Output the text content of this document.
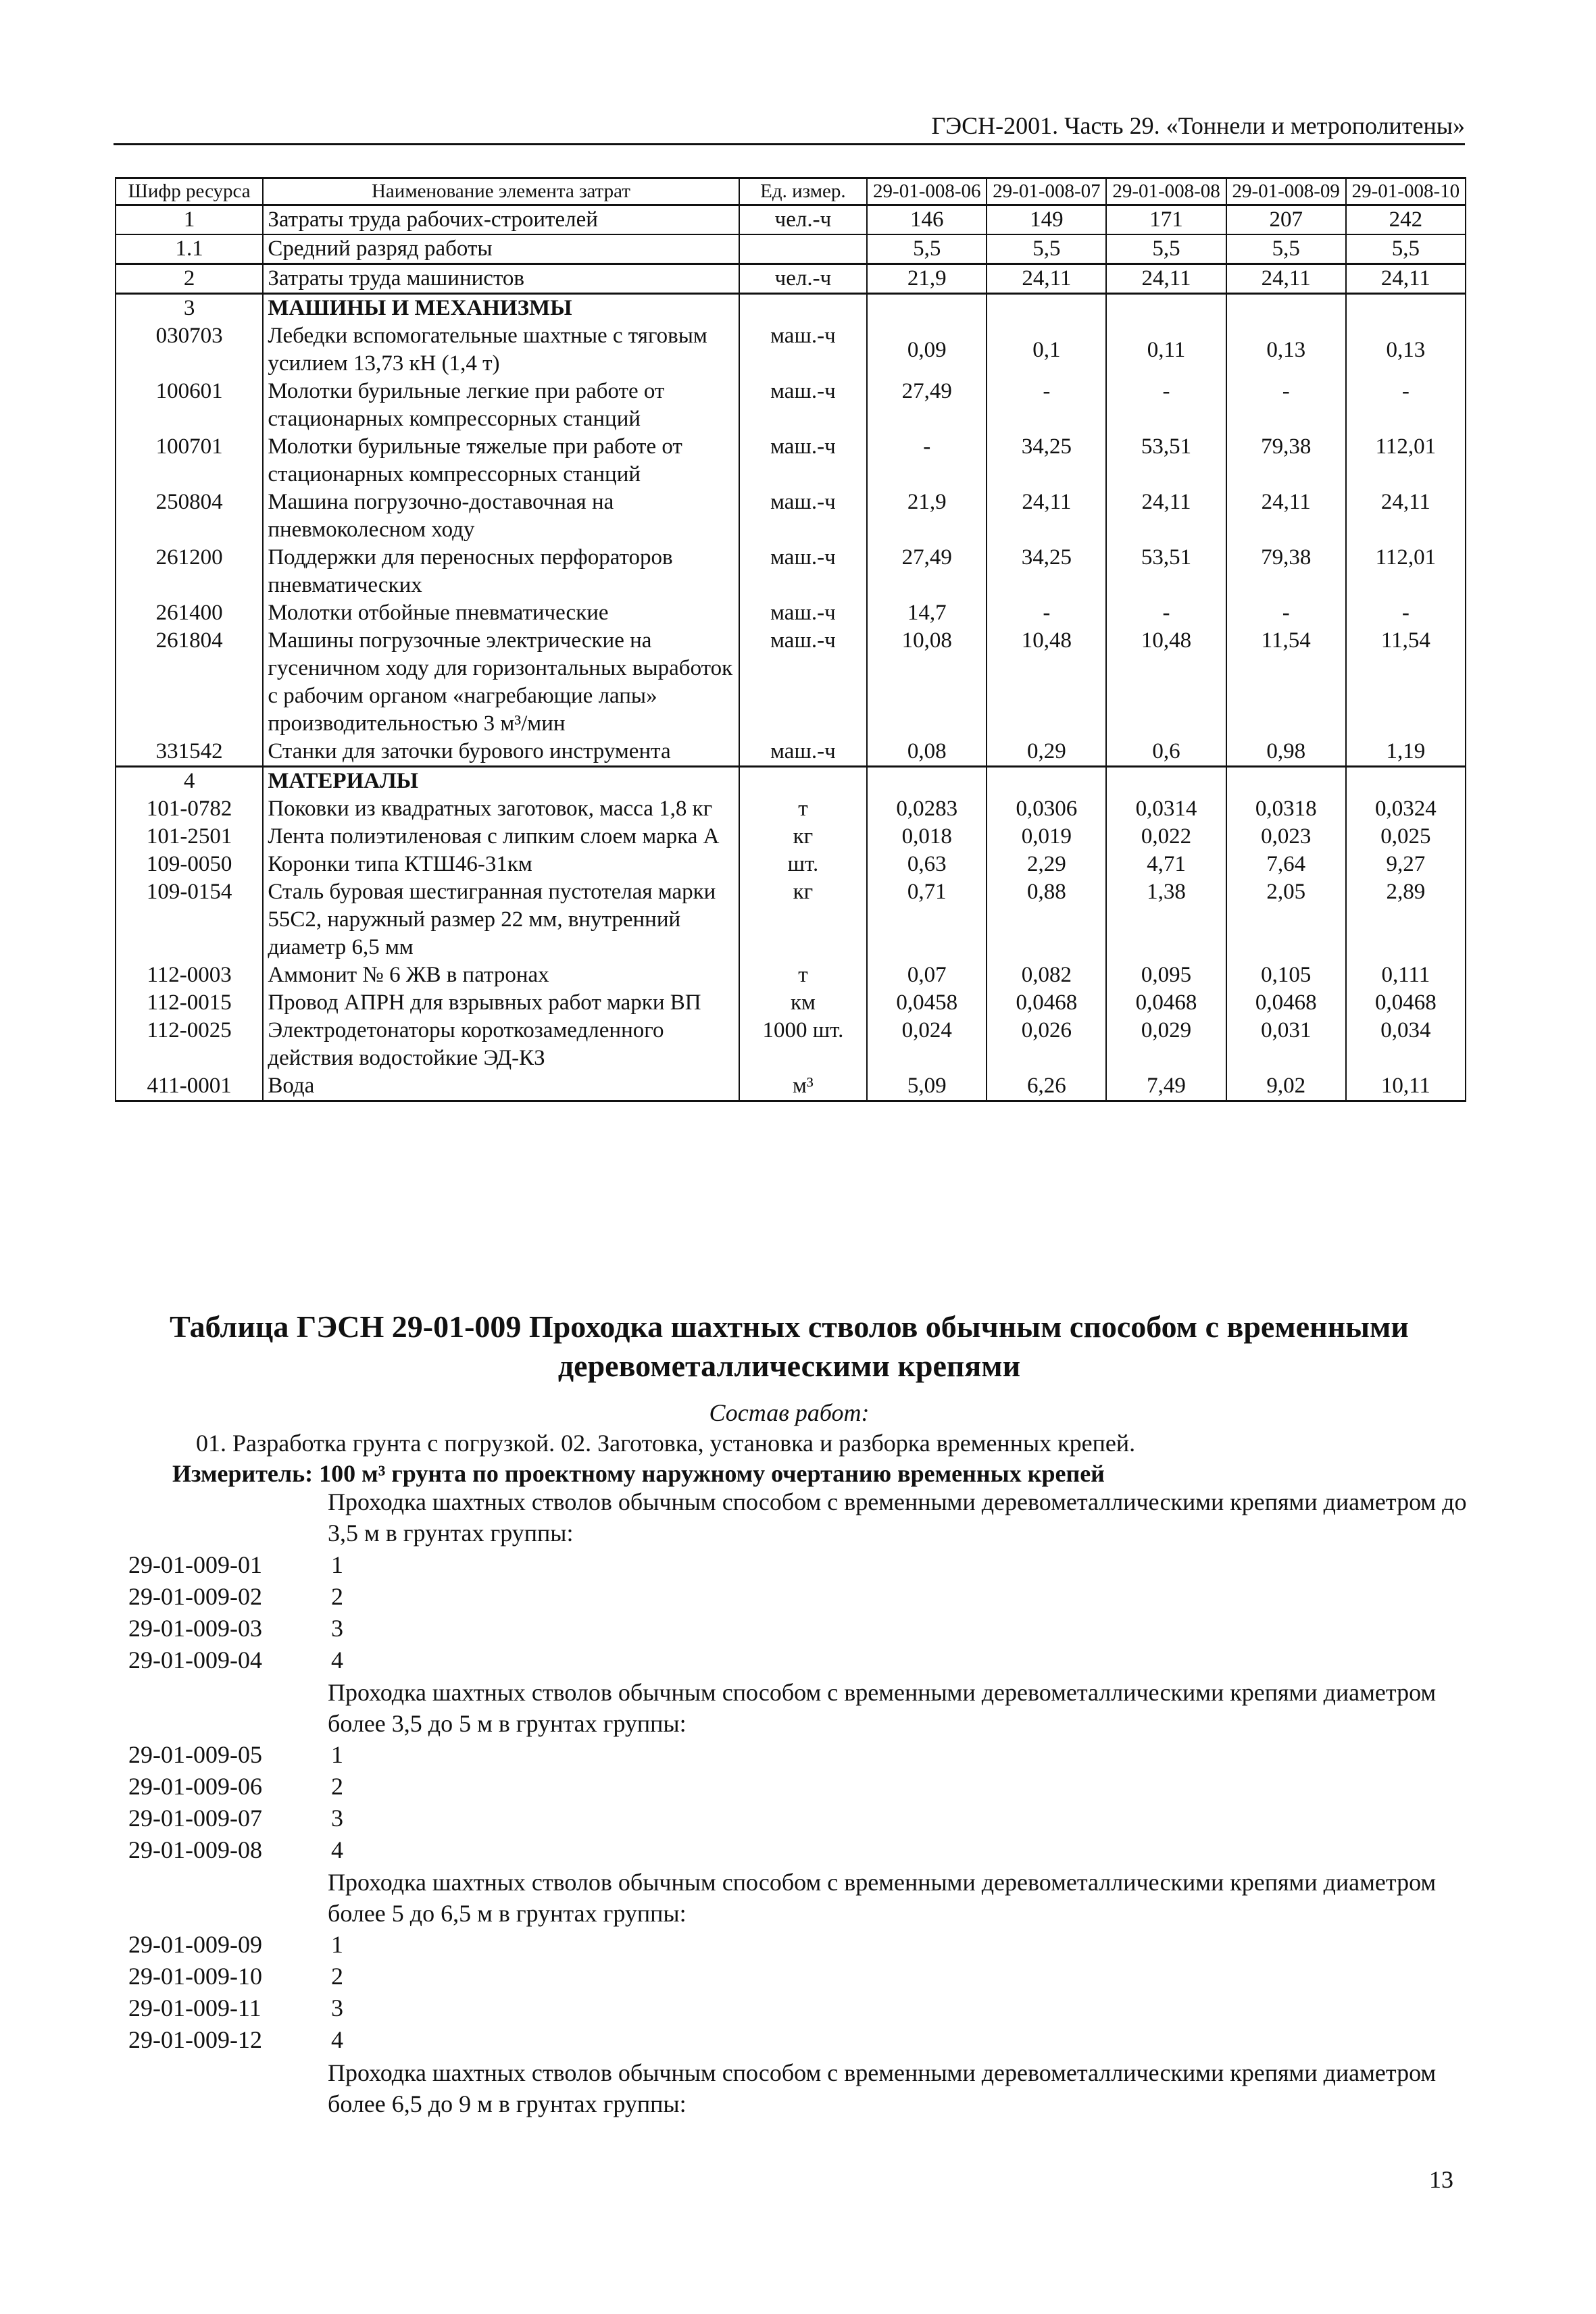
ГЭСН-2001. Часть 29. «Тоннели и метрополитены»
Шифр ресурса	Наименование элемента затрат	Ед. измер.	29-01-008-06	29-01-008-07	29-01-008-08	29-01-008-09	29-01-008-10
1	Затраты труда рабочих-строителей	чел.-ч	146	149	171	207	242
1.1	Средний разряд работы		5,5	5,5	5,5	5,5	5,5
2	Затраты труда машинистов	чел.-ч	21,9	24,11	24,11	24,11	24,11
3	МАШИНЫ И МЕХАНИЗМЫ						
030703	Лебедки вспомогательные шахтные с тяговым усилием 13,73 кН (1,4 т)	маш.-ч	0,09	0,1	0,11	0,13	0,13
100601	Молотки бурильные легкие при работе от стационарных компрессорных станций	маш.-ч	27,49	-	-	-	-
100701	Молотки бурильные тяжелые при работе от стационарных компрессорных станций	маш.-ч	-	34,25	53,51	79,38	112,01
250804	Машина погрузочно-доставочная на пневмоколесном ходу	маш.-ч	21,9	24,11	24,11	24,11	24,11
261200	Поддержки для переносных перфораторов пневматических	маш.-ч	27,49	34,25	53,51	79,38	112,01
261400	Молотки отбойные пневматические	маш.-ч	14,7	-	-	-	-
261804	Машины погрузочные электрические на гусеничном ходу для горизонтальных выработок с рабочим органом «нагребающие лапы» производительностью 3 м³/мин	маш.-ч	10,08	10,48	10,48	11,54	11,54
331542	Станки для заточки бурового инструмента	маш.-ч	0,08	0,29	0,6	0,98	1,19
4	МАТЕРИАЛЫ						
101-0782	Поковки из квадратных заготовок, масса 1,8 кг	т	0,0283	0,0306	0,0314	0,0318	0,0324
101-2501	Лента полиэтиленовая с липким слоем марка А	кг	0,018	0,019	0,022	0,023	0,025
109-0050	Коронки типа КТШ46-31км	шт.	0,63	2,29	4,71	7,64	9,27
109-0154	Сталь буровая шестигранная пустотелая марки 55С2, наружный размер 22 мм, внутренний диаметр 6,5 мм	кг	0,71	0,88	1,38	2,05	2,89
112-0003	Аммонит № 6 ЖВ в патронах	т	0,07	0,082	0,095	0,105	0,111
112-0015	Провод АПРН для взрывных работ марки ВП	км	0,0458	0,0468	0,0468	0,0468	0,0468
112-0025	Электродетонаторы короткозамедленного действия водостойкие ЭД-КЗ	1000 шт.	0,024	0,026	0,029	0,031	0,034
411-0001	Вода	м³	5,09	6,26	7,49	9,02	10,11
Таблица ГЭСН 29-01-009 Проходка шахтных стволов обычным способом с временными деревометаллическими крепями
Состав работ:
01. Разработка грунта с погрузкой. 02. Заготовка, установка и разборка временных крепей.
Измеритель: 100 м³ грунта по проектному наружному очертанию временных крепей
Проходка шахтных стволов обычным способом с временными деревометаллическими крепями диаметром до 3,5 м в грунтах группы:
29-01-009-01	1
29-01-009-02	2
29-01-009-03	3
29-01-009-04	4
Проходка шахтных стволов обычным способом с временными деревометаллическими крепями диаметром более 3,5 до 5 м в грунтах группы:
29-01-009-05	1
29-01-009-06	2
29-01-009-07	3
29-01-009-08	4
Проходка шахтных стволов обычным способом с временными деревометаллическими крепями диаметром более 5 до 6,5 м в грунтах группы:
29-01-009-09	1
29-01-009-10	2
29-01-009-11	3
29-01-009-12	4
Проходка шахтных стволов обычным способом с временными деревометаллическими крепями диаметром более 6,5 до 9 м в грунтах группы:
13
